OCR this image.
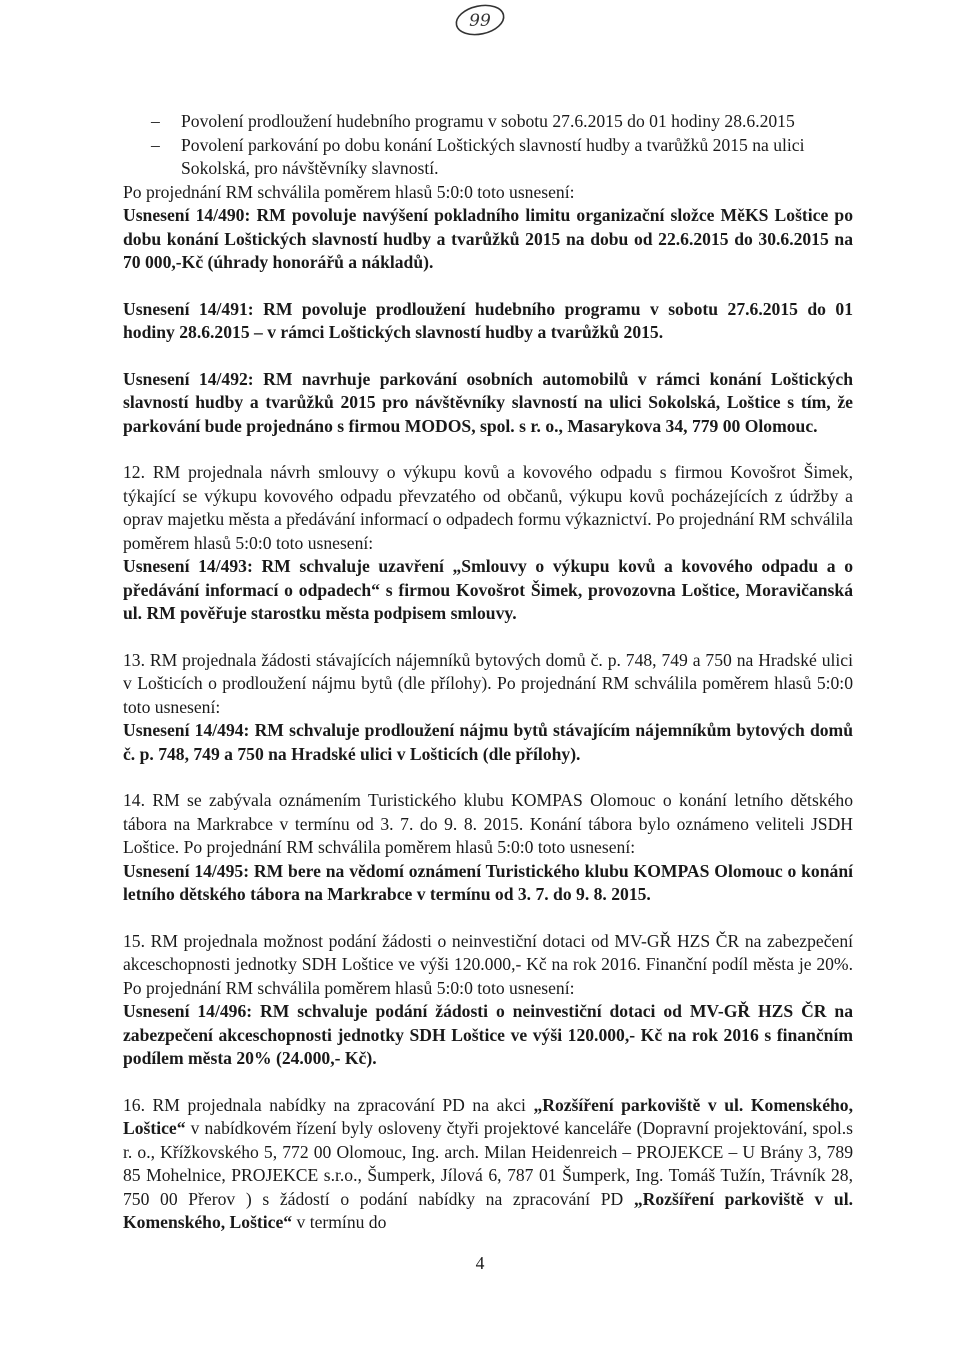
99
– Povolení prodloužení hudebního programu v sobotu 27.6.2015 do 01 hodiny 28.6.2015
– Povolení parkování po dobu konání Loštických slavností hudby a tvarůžků 2015 na ulici Sokolská, pro návštěvníky slavností.

Po projednání RM schválila poměrem hlasů 5:0:0 toto usnesení:

Usnesení 14/490: RM povoluje navýšení pokladního limitu organizační složce MěKS Loštice po dobu konání Loštických slavností hudby a tvarůžků 2015 na dobu od 22.6.2015 do 30.6.2015 na 70 000,-Kč (úhrady honorářů a nákladů).

Usnesení 14/491: RM povoluje prodloužení hudebního programu v sobotu 27.6.2015 do 01 hodiny 28.6.2015 – v rámci Loštických slavností hudby a tvarůžků 2015.

Usnesení 14/492: RM navrhuje parkování osobních automobilů v rámci konání Loštických slavností hudby a tvarůžků 2015 pro návštěvníky slavností na ulici Sokolská, Loštice s tím, že parkování bude projednáno s firmou MODOS, spol. s r. o., Masarykova 34, 779 00 Olomouc.

12. RM projednala návrh smlouvy o výkupu kovů a kovového odpadu s firmou Kovošrot Šimek, týkající se výkupu kovového odpadu převzatého od občanů, výkupu kovů pocházejících z údržby a oprav majetku města a předávání informací o odpadech formu výkaznictví. Po projednání RM schválila poměrem hlasů 5:0:0 toto usnesení:

Usnesení 14/493: RM schvaluje uzavření „Smlouvy o výkupu kovů a kovového odpadu a o předávání informací o odpadech“ s firmou Kovošrot Šimek, provozovna Loštice, Moravičanská ul. RM pověřuje starostku města podpisem smlouvy.

13. RM projednala žádosti stávajících nájemníků bytových domů č. p. 748, 749 a 750 na Hradské ulici v Lošticích o prodloužení nájmu bytů (dle přílohy). Po projednání RM schválila poměrem hlasů 5:0:0 toto usnesení:

Usnesení 14/494: RM schvaluje prodloužení nájmu bytů stávajícím nájemníkům bytových domů č. p. 748, 749 a 750 na Hradské ulici v Lošticích (dle přílohy).

14. RM se zabývala oznámením Turistického klubu KOMPAS Olomouc o konání letního dětského tábora na Markrabce v termínu od 3. 7. do 9. 8. 2015. Konání tábora bylo oznámeno veliteli JSDH Loštice. Po projednání RM schválila poměrem hlasů 5:0:0 toto usnesení:

Usnesení 14/495: RM bere na vědomí oznámení Turistického klubu KOMPAS Olomouc o konání letního dětského tábora na Markrabce v termínu od 3. 7. do 9. 8. 2015.

15. RM projednala možnost podání žádosti o neinvestiční dotaci od MV-GŘ HZS ČR na zabezpečení akceschopnosti jednotky SDH Loštice ve výši 120.000,- Kč na rok 2016. Finanční podíl města je 20%. Po projednání RM schválila poměrem hlasů 5:0:0 toto usnesení:

Usnesení 14/496: RM schvaluje podání žádosti o neinvestiční dotaci od MV-GŘ HZS ČR na zabezpečení akceschopnosti jednotky SDH Loštice ve výši 120.000,- Kč na rok 2016 s finančním podílem města 20% (24.000,- Kč).

16. RM projednala nabídky na zpracování PD na akci „Rozšíření parkoviště v ul. Komenského, Loštice“ v nabídkovém řízení byly osloveny čtyři projektové kanceláře (Dopravní projektování, spol.s r. o., Křížkovského 5, 772 00 Olomouc, Ing. arch. Milan Heidenreich – PROJEKCE – U Brány 3, 789 85 Mohelnice, PROJEKCE s.r.o., Šumperk, Jílová 6, 787 01 Šumperk, Ing. Tomáš Tužín, Trávník 28, 750 00 Přerov ) s žádostí o podání nabídky na zpracování PD „Rozšíření parkoviště v ul. Komenského, Loštice“ v termínu do

4
